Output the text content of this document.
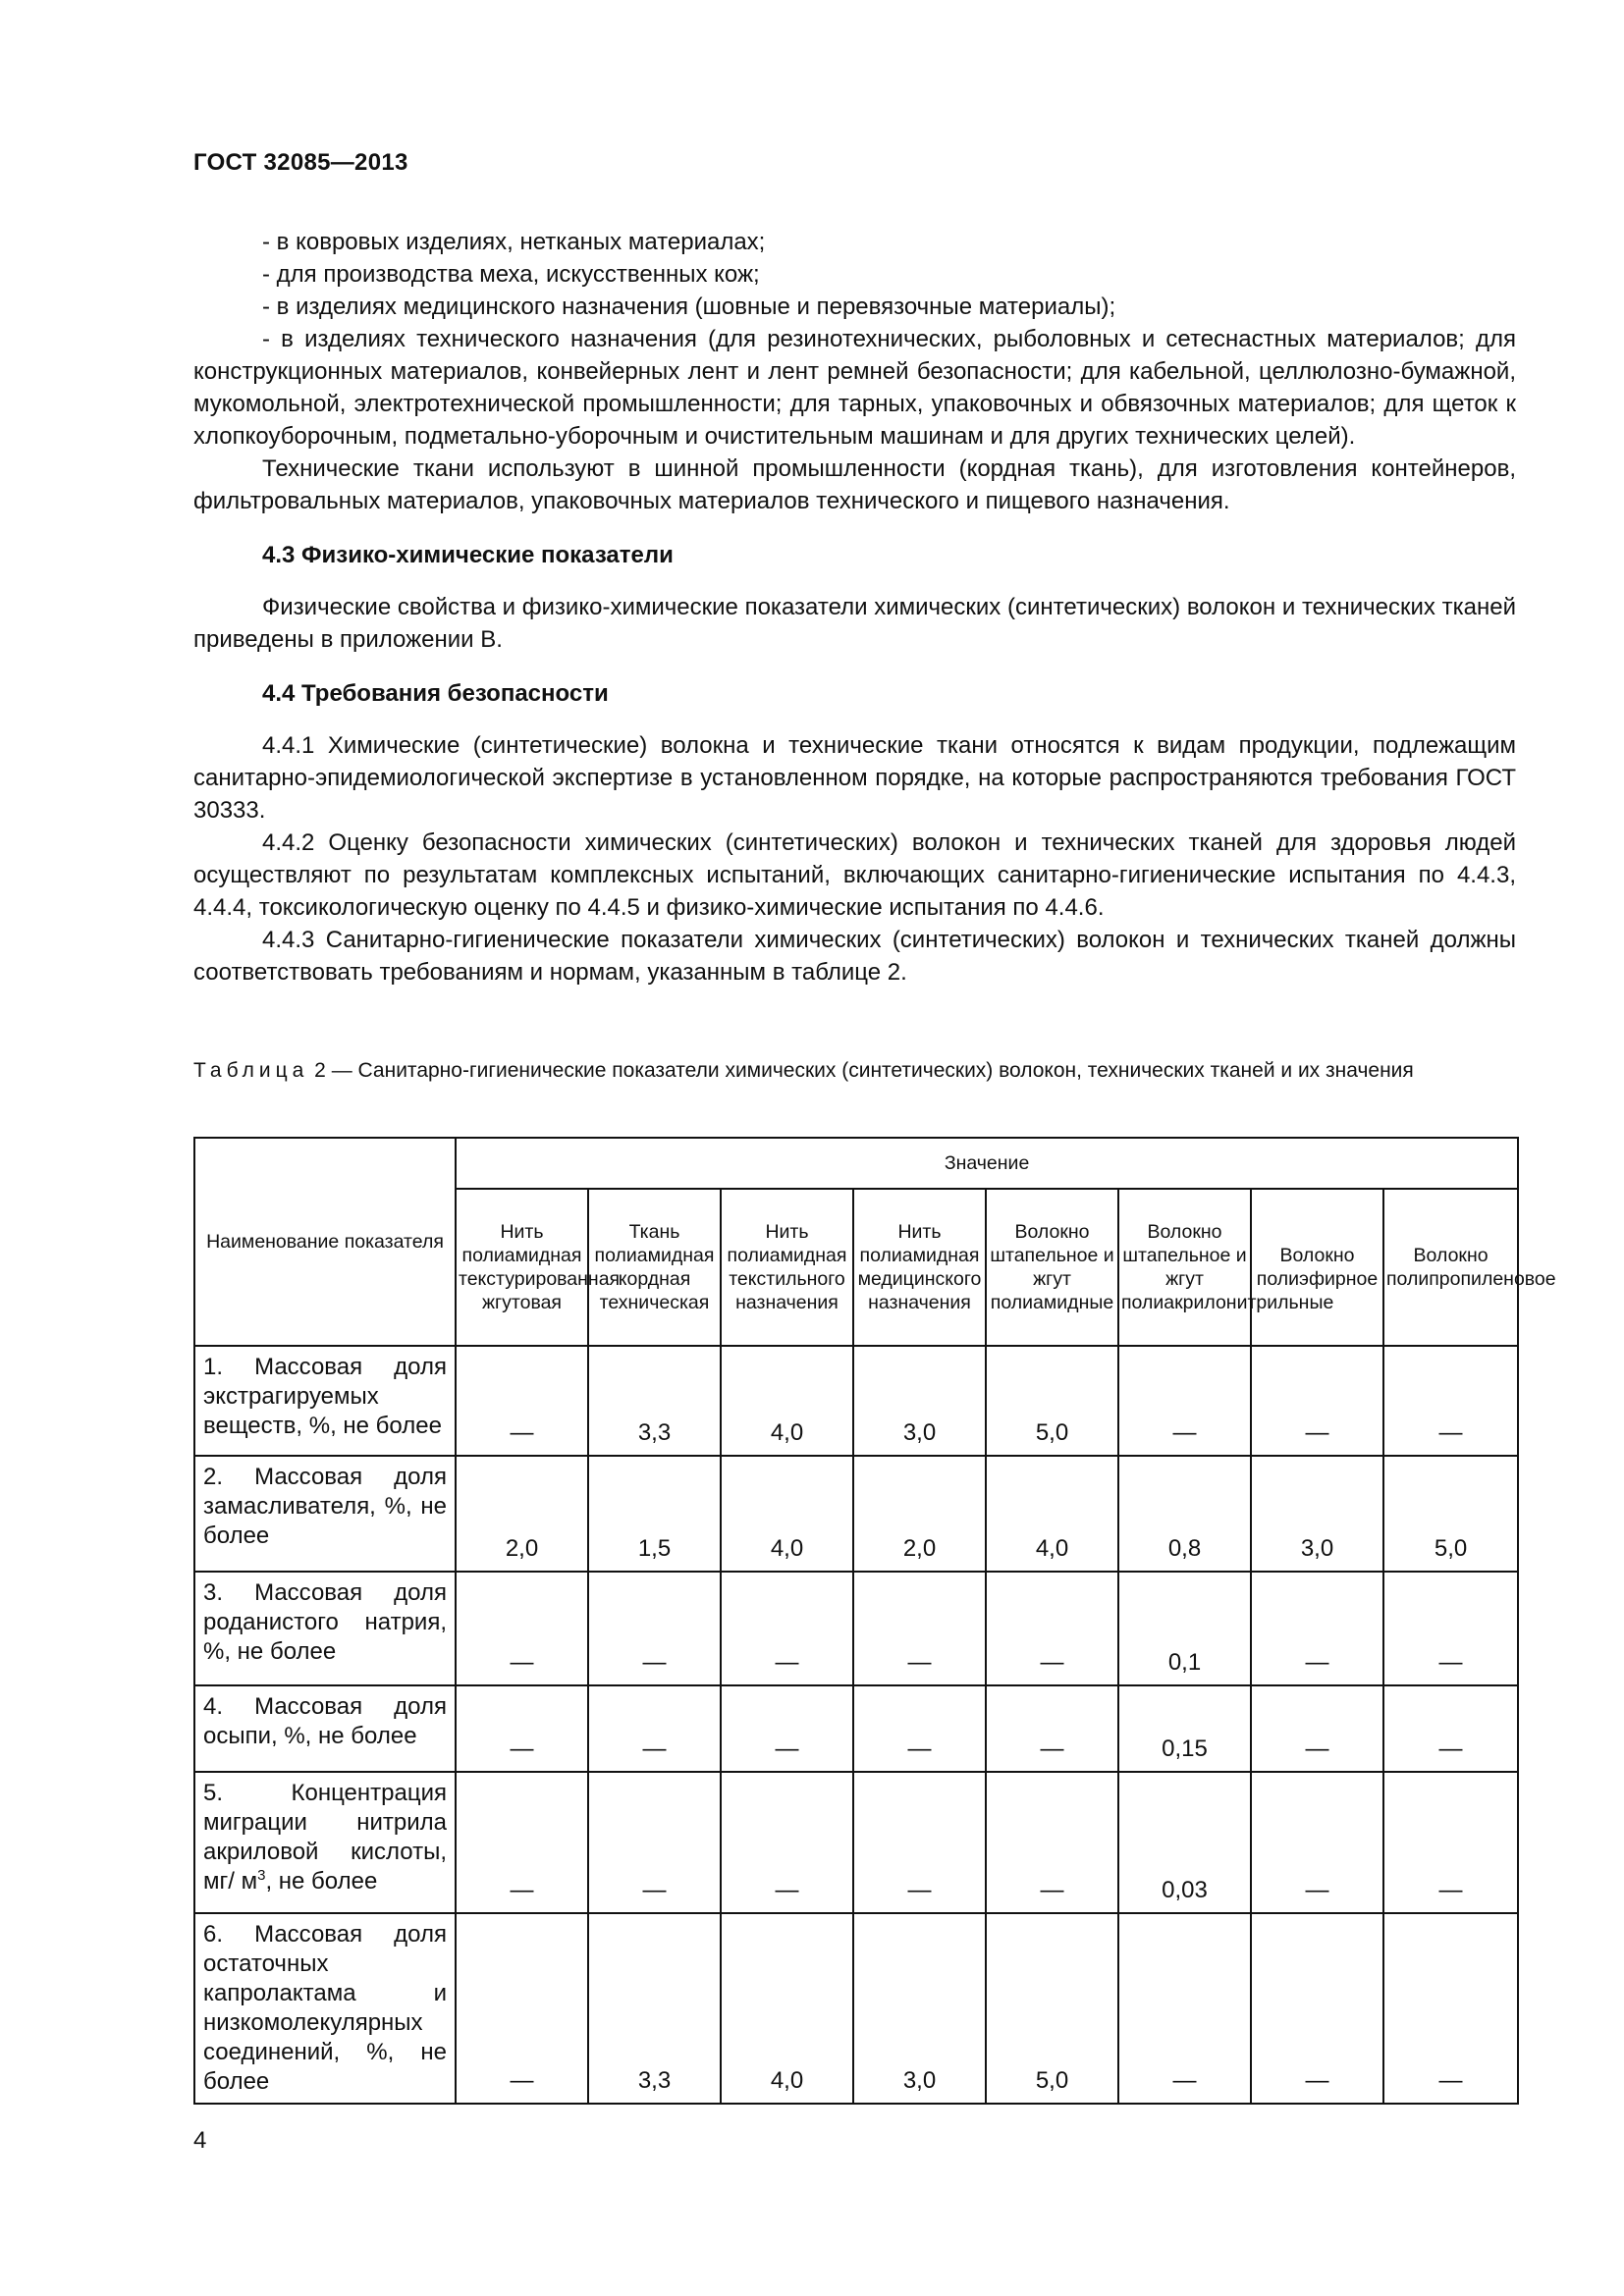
ГОСТ 32085—2013

- в ковровых изделиях, нетканых материалах;

- для производства меха, искусственных кож;

- в изделиях медицинского назначения (шовные и перевязочные материалы);

- в изделиях технического назначения (для резинотехнических, рыболовных и сетеснастных материалов; для конструкционных материалов, конвейерных лент и лент ремней безопасности; для кабельной, целлюлозно-бумажной, мукомольной, электротехнической промышленности; для тарных, упаковочных и обвязочных материалов; для щеток к хлопкоуборочным, подметально-уборочным и очистительным машинам и для других технических целей).

Технические ткани используют в шинной промышленности (кордная ткань), для изготовления контейнеров, фильтровальных материалов, упаковочных материалов технического и пищевого назначения.

4.3 Физико-химические показатели

Физические свойства и физико-химические показатели химических (синтетических) волокон и технических тканей приведены в приложении В.

4.4 Требования безопасности

4.4.1 Химические (синтетические) волокна и технические ткани относятся к видам продукции, подлежащим санитарно-эпидемиологической экспертизе в установленном порядке, на которые распространяются требования ГОСТ 30333.

4.4.2 Оценку безопасности химических (синтетических) волокон и технических тканей для здоровья людей осуществляют по результатам комплексных испытаний, включающих санитарно-гигиенические испытания по 4.4.3, 4.4.4, токсикологическую оценку по 4.4.5 и физико-химические испытания по 4.4.6.

4.4.3 Санитарно-гигиенические показатели химических (синтетических) волокон и технических тканей должны соответствовать требованиям и нормам, указанным в таблице 2.

Таблица 2 — Санитарно-гигиенические показатели химических (синтетических) волокон, технических тканей и их значения
Наименование показателя	Значение							
	Нить полиамидная текстурированная жгутовая	Ткань полиамидная кордная техническая	Нить полиамидная текстильного назначения	Нить полиамидная медицинского назначения	Волокно штапельное и жгут полиамидные	Волокно штапельное и жгут полиакрилонитрильные	Волокно полиэфирное	Волокно полипропиленовое
1. Массовая доля экстрагируемых веществ, %, не более	—	3,3	4,0	3,0	5,0	—	—	—
2. Массовая доля замасливателя, %, не более	2,0	1,5	4,0	2,0	4,0	0,8	3,0	5,0
3. Массовая доля роданистого натрия, %, не более	—	—	—	—	—	0,1	—	—
4. Массовая доля осыпи, %, не более	—	—	—	—	—	0,15	—	—
5. Концентрация миграции нитрила акриловой кислоты, мг/ $м^3$, не более	—	—	—	—	—	0,03	—	—
6. Массовая доля остаточных капролактама и низкомолекулярных соединений, %, не более	—	3,3	4,0	3,0	5,0	—	—	—
4
